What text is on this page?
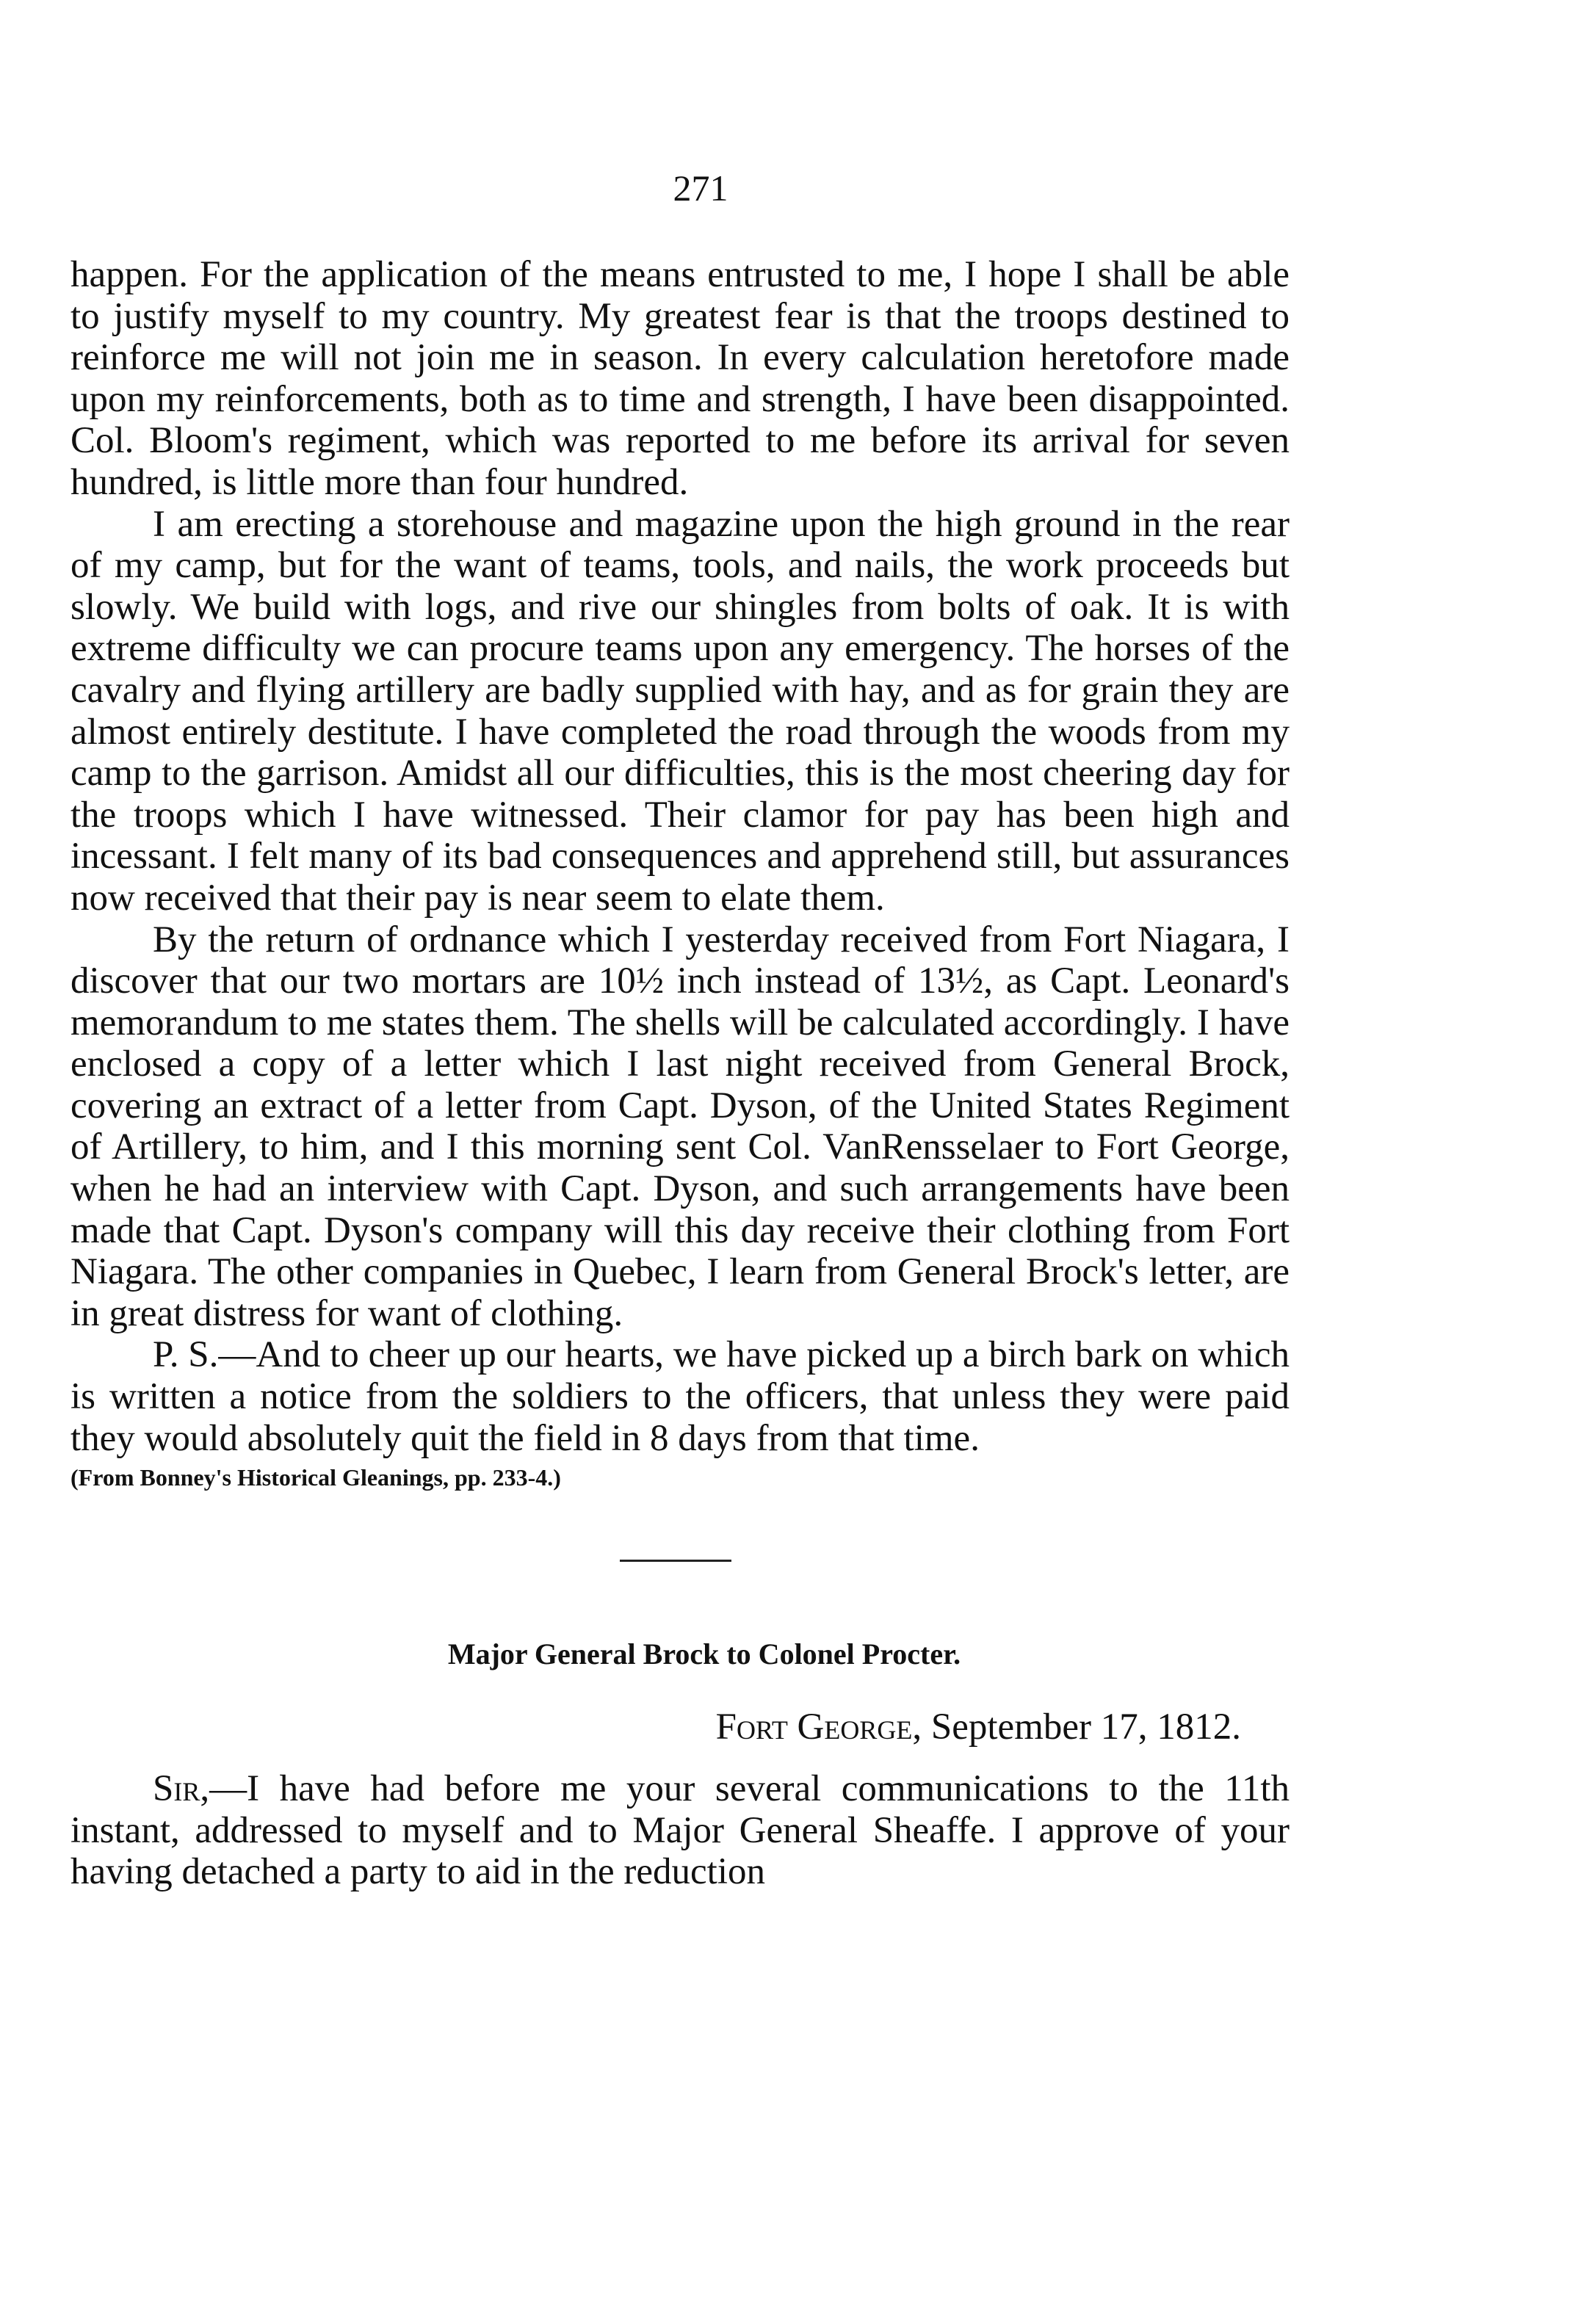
271

happen. For the application of the means entrusted to me, I hope I shall be able to justify myself to my country. My greatest fear is that the troops destined to reinforce me will not join me in season. In every calculation heretofore made upon my reinforcements, both as to time and strength, I have been disappointed. Col. Bloom's regiment, which was reported to me before its arrival for seven hundred, is little more than four hundred.

I am erecting a storehouse and magazine upon the high ground in the rear of my camp, but for the want of teams, tools, and nails, the work proceeds but slowly. We build with logs, and rive our shingles from bolts of oak. It is with extreme difficulty we can procure teams upon any emergency. The horses of the cavalry and flying artillery are badly supplied with hay, and as for grain they are almost entirely destitute. I have completed the road through the woods from my camp to the garrison. Amidst all our difficulties, this is the most cheering day for the troops which I have witnessed. Their clamor for pay has been high and incessant. I felt many of its bad consequences and apprehend still, but assurances now received that their pay is near seem to elate them.

By the return of ordnance which I yesterday received from Fort Niagara, I discover that our two mortars are 10½ inch instead of 13½, as Capt. Leonard's memorandum to me states them. The shells will be calculated accordingly. I have enclosed a copy of a letter which I last night received from General Brock, covering an extract of a letter from Capt. Dyson, of the United States Regiment of Artillery, to him, and I this morning sent Col. VanRensselaer to Fort George, when he had an interview with Capt. Dyson, and such arrangements have been made that Capt. Dyson's company will this day receive their clothing from Fort Niagara. The other companies in Quebec, I learn from General Brock's letter, are in great distress for want of clothing.

P. S.—And to cheer up our hearts, we have picked up a birch bark on which is written a notice from the soldiers to the officers, that unless they were paid they would absolutely quit the field in 8 days from that time.

(From Bonney's Historical Gleanings, pp. 233-4.)
Major General Brock to Colonel Procter.
Fort George, September 17, 1812.

Sir,—I have had before me your several communications to the 11th instant, addressed to myself and to Major General Sheaffe. I approve of your having detached a party to aid in the reduction
